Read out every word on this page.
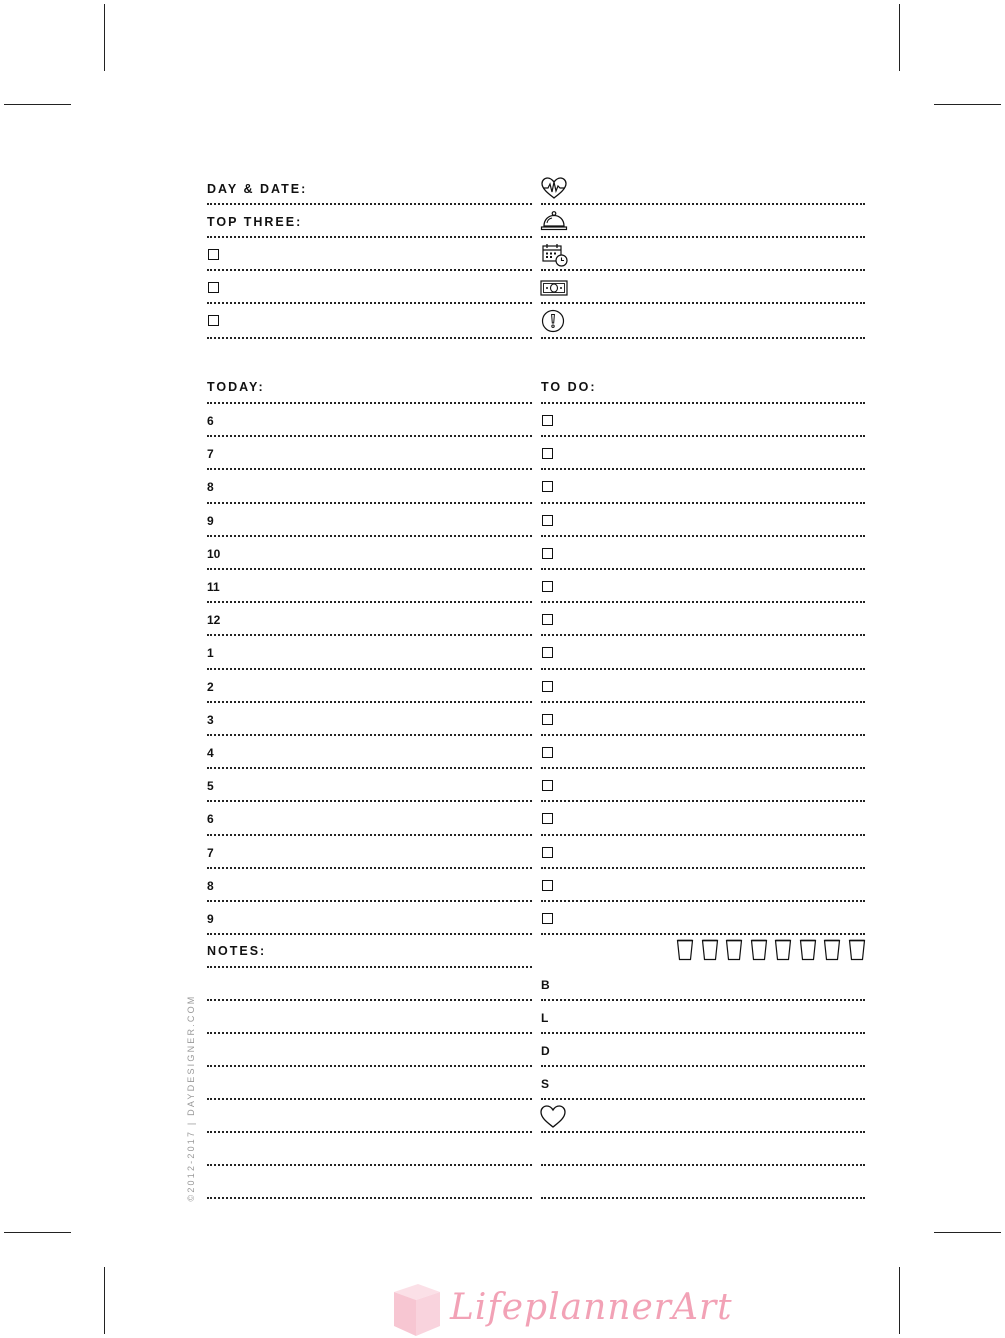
DAY & DATE:
TOP THREE:
TODAY:	TO DO:
NOTES:
6
7
8
9
10
11
12
1
2
3
4
5
6
7
8
9
B
L
D
S
©2012-2017 | DAYDESIGNER.COM
LifeplannerArt
